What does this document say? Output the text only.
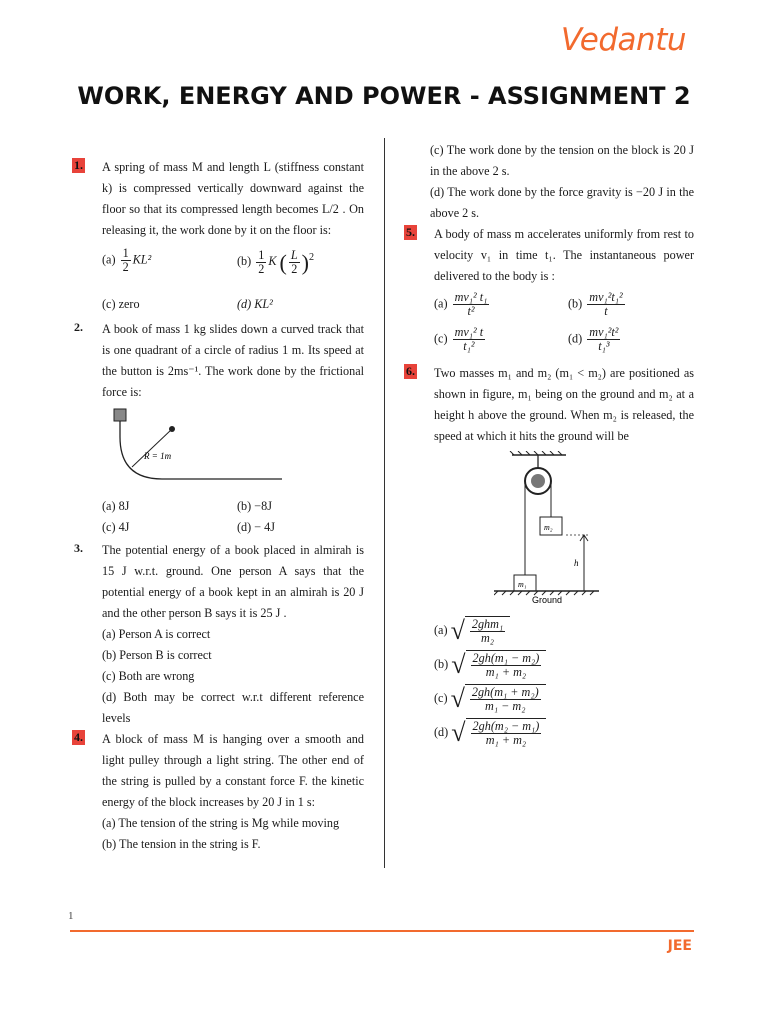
Vedantu
WORK, ENERGY AND POWER - ASSIGNMENT 2
1. A spring of mass M and length L (stiffness constant k) is compressed vertically downward against the floor so that its compressed length becomes L/2 . On releasing it, the work done by it on the floor is:
$(a) \frac{1}{2} KL^2$	$(b) \frac{1}{2}$ K ( $\frac{L}{2} )^2$
(c) zero	(d) KL²
2. A book of mass 1 kg slides down a curved track that is one quadrant of a circle of radius 1 m. Its speed at the button is 2ms⁻¹. The work done by the frictional force is:
R = 1m
(a) 8J	(b) −8J
(c) 4J	(d) − 4J
3. The potential energy of a book placed in almirah is 15 J w.r.t. ground. One person A says that the potential energy of a book kept in an almirah is 20 J and the other person B says it is 25 J .
(a) Person A is correct
(b) Person B is correct
(c) Both are wrong
(d) Both may be correct w.r.t different reference levels
4. A block of mass M is hanging over a smooth and light pulley through a light string. The other end of the string is pulled by a constant force F. the kinetic energy of the block increases by 20 J in 1 s:
(a) The tension of the string is Mg while moving
(b) The tension in the string is F.
(c) The work done by the tension on the block is 20 J in the above 2 s.
(d) The work done by the force gravity is −20 J in the above 2 s.
5. A body of mass m accelerates uniformly from rest to velocity v₁ in time t₁. The instantaneous power delivered to the body is :
$(a) \frac{\text{mv₁² t₁}}{\text{t²}}$	$(b) \frac{\text{mv₁²t₁²}}{t}$
$(c) \frac{\text{mv₁² t}}{\text{t₁²}}$	$(d) \frac{\text{mv₁²t²}}{\text{t₁³}}$
6. Two masses m₁ and m₂ (m₁ < m₂) are positioned as shown in figure, m₁ being on the ground and m₂ at a height h above the ground. When m₂ is released, the speed at which it hits the ground will be
m₂
m₁
h
Ground
(a) √ $\frac{\text{2ghm₁}}{\text{m₂}}$
(b) √ $\frac{\text{2gh(m₁ − m₂)}}{\text{m₁ + m₂}}$
(c) √ $\frac{\text{2gh(m₁ + m₂)}}{\text{m₁ − m₂}}$
(d) √ $\frac{\text{2gh(m₂ − m₁)}}{\text{m₁ + m₂}}$
1
JEE
